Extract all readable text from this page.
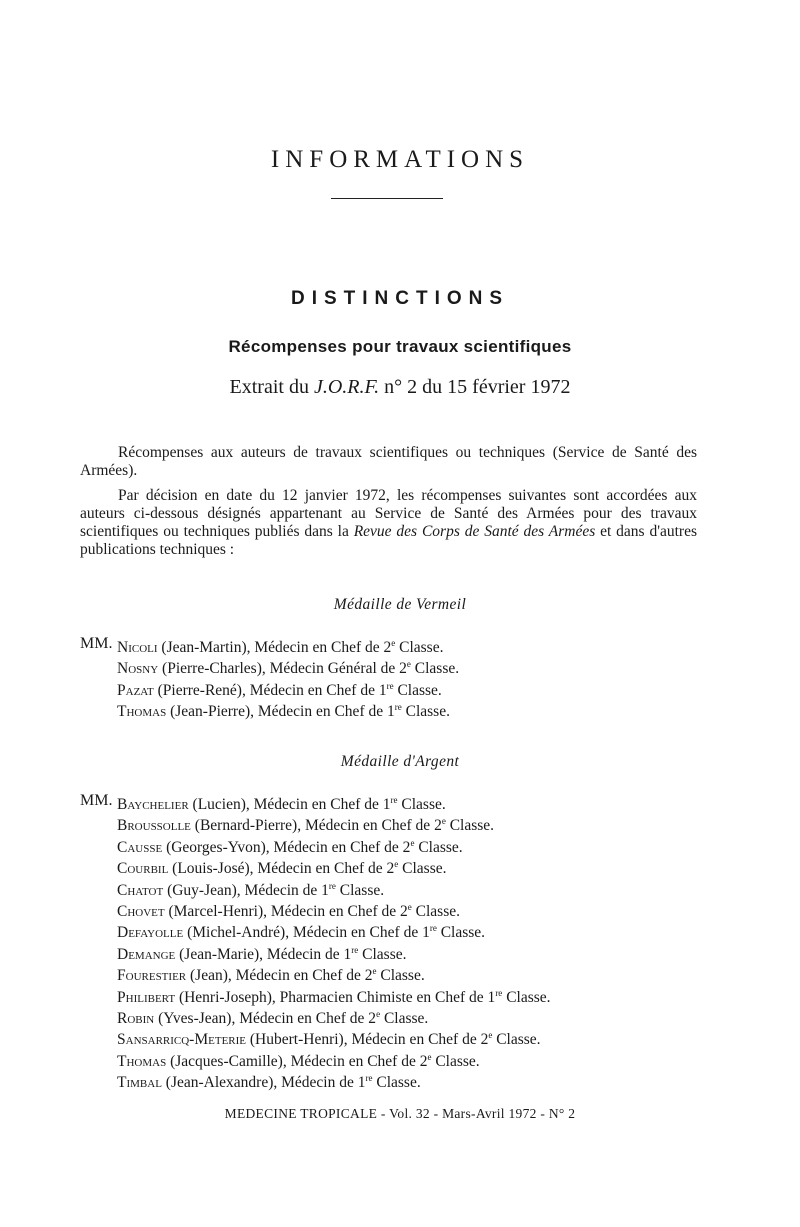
INFORMATIONS
DISTINCTIONS
Récompenses pour travaux scientifiques

Extrait du J.O.R.F. n° 2 du 15 février 1972

Récompenses aux auteurs de travaux scientifiques ou techniques (Service de Santé des Armées).

Par décision en date du 12 janvier 1972, les récompenses suivantes sont accordées aux auteurs ci-dessous désignés appartenant au Service de Santé des Armées pour des travaux scientifiques ou techniques publiés dans la Revue des Corps de Santé des Armées et dans d'autres publications techniques :

Médaille de Vermeil

MM. Nicoli (Jean-Martin), Médecin en Chef de 2e Classe.
Nosny (Pierre-Charles), Médecin Général de 2e Classe.
Pazat (Pierre-René), Médecin en Chef de 1re Classe.
Thomas (Jean-Pierre), Médecin en Chef de 1re Classe.

Médaille d'Argent

MM. Baychelier (Lucien), Médecin en Chef de 1re Classe.
Broussolle (Bernard-Pierre), Médecin en Chef de 2e Classe.
Causse (Georges-Yvon), Médecin en Chef de 2e Classe.
Courbil (Louis-José), Médecin en Chef de 2e Classe.
Chatot (Guy-Jean), Médecin de 1re Classe.
Chovet (Marcel-Henri), Médecin en Chef de 2e Classe.
Defayolle (Michel-André), Médecin en Chef de 1re Classe.
Demange (Jean-Marie), Médecin de 1re Classe.
Fourestier (Jean), Médecin en Chef de 2e Classe.
Philibert (Henri-Joseph), Pharmacien Chimiste en Chef de 1re Classe.
Robin (Yves-Jean), Médecin en Chef de 2e Classe.
Sansarricq-Meterie (Hubert-Henri), Médecin en Chef de 2e Classe.
Thomas (Jacques-Camille), Médecin en Chef de 2e Classe.
Timbal (Jean-Alexandre), Médecin de 1re Classe.

MEDECINE TROPICALE - Vol. 32 - Mars-Avril 1972 - N° 2
